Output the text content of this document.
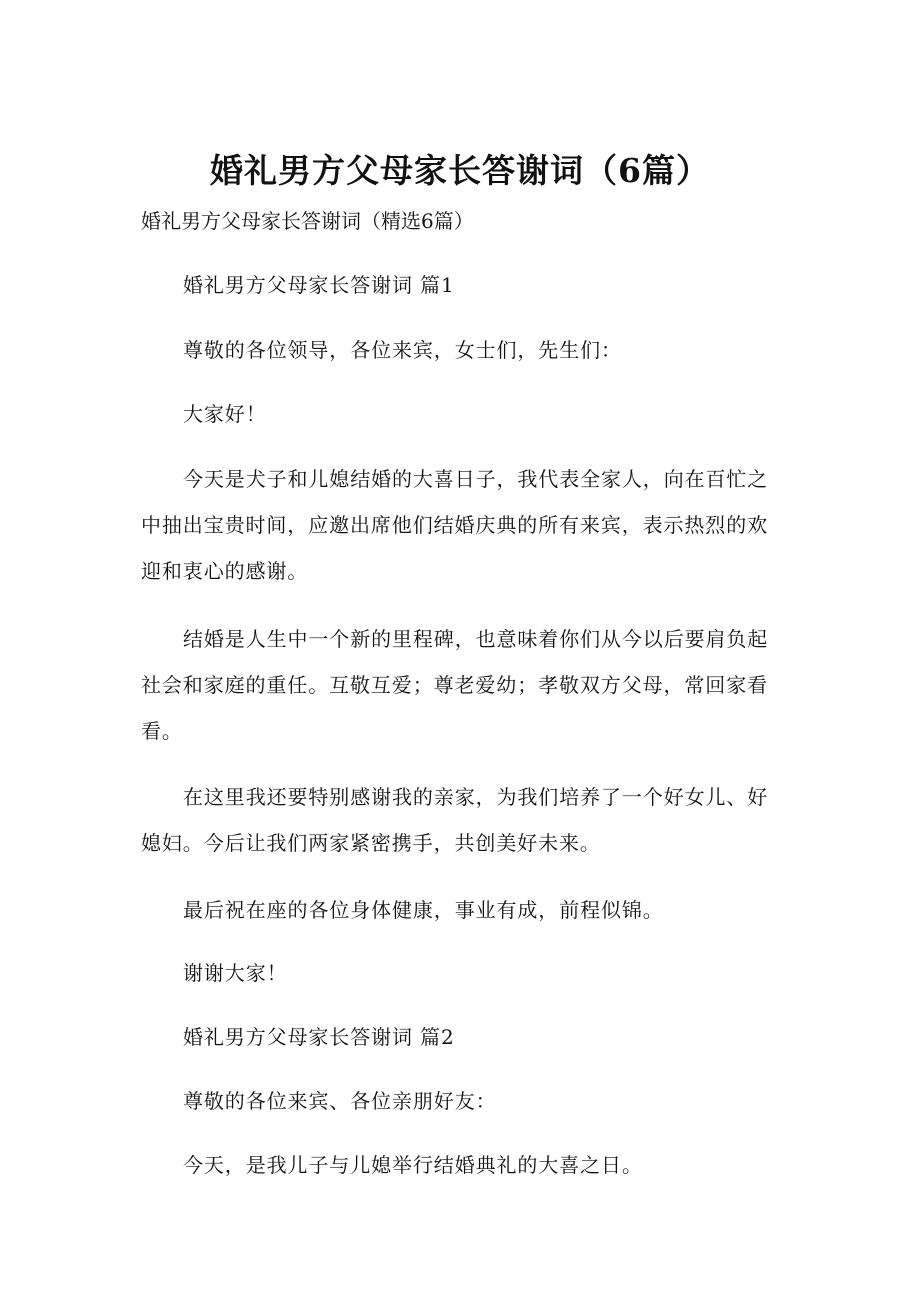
婚礼男方父母家长答谢词（6篇）

婚礼男方父母家长答谢词（精选6篇）

婚礼男方父母家长答谢词 篇1

尊敬的各位领导，各位来宾，女士们，先生们：

大家好！

今天是犬子和儿媳结婚的大喜日子，我代表全家人，向在百忙之中抽出宝贵时间，应邀出席他们结婚庆典的所有来宾，表示热烈的欢迎和衷心的感谢。

结婚是人生中一个新的里程碑，也意味着你们从今以后要肩负起社会和家庭的重任。互敬互爱；尊老爱幼；孝敬双方父母，常回家看看。

在这里我还要特别感谢我的亲家，为我们培养了一个好女儿、好媳妇。今后让我们两家紧密携手，共创美好未来。

最后祝在座的各位身体健康，事业有成，前程似锦。

谢谢大家！

婚礼男方父母家长答谢词 篇2

尊敬的各位来宾、各位亲朋好友：

今天，是我儿子与儿媳举行结婚典礼的大喜之日。
